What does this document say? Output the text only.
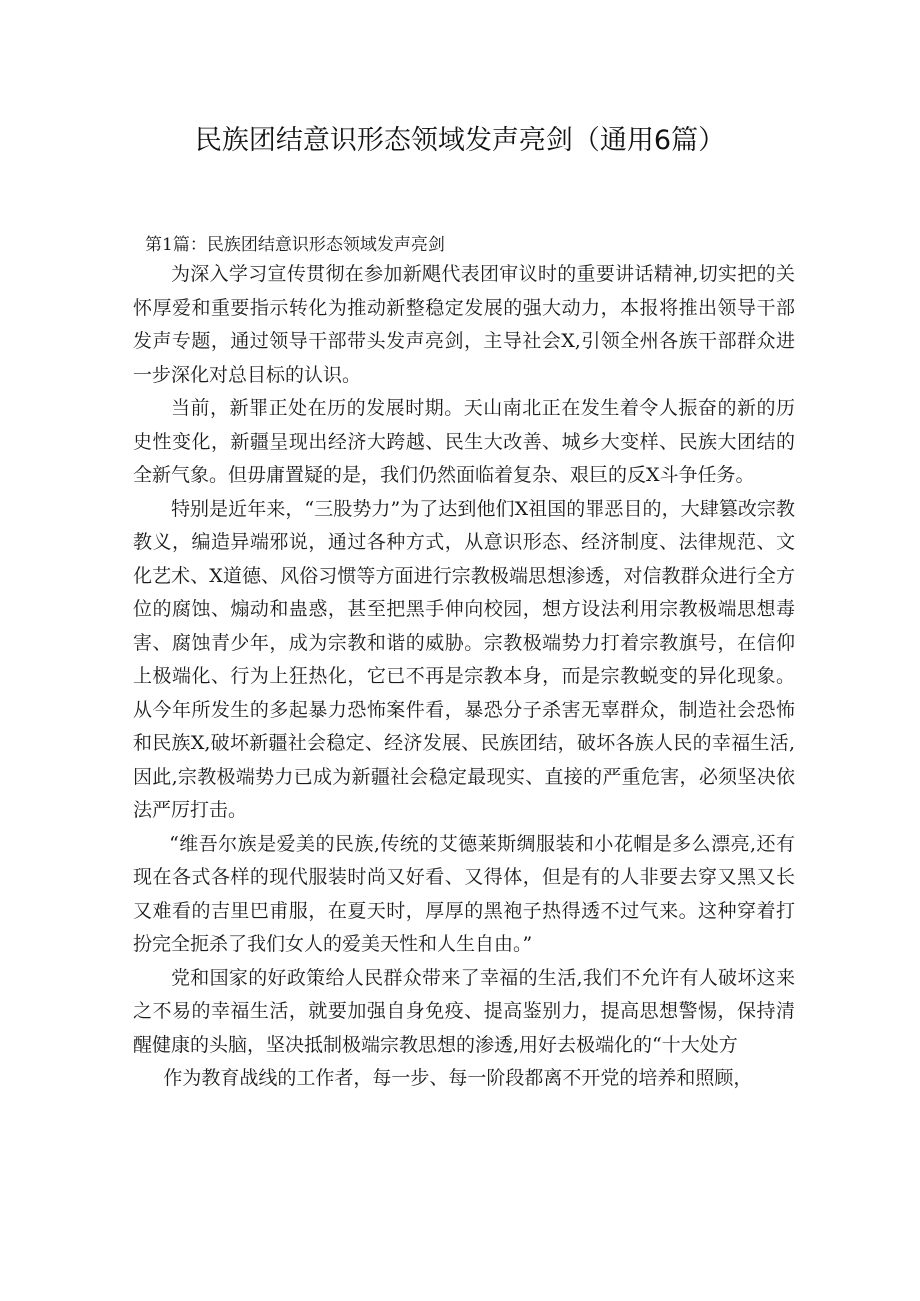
民族团结意识形态领域发声亮剑（通用6篇）
第1篇：民族团结意识形态领域发声亮剑

为深入学习宣传贯彻在参加新飓代表团审议时的重要讲话精神,切实把的关怀厚爱和重要指示转化为推动新整稳定发展的强大动力，本报将推出领导干部发声专题，通过领导干部带头发声亮剑，主导社会X,引领全州各族干部群众进一步深化对总目标的认识。

当前，新罪正处在历的发展时期。天山南北正在发生着令人振奋的新的历史性变化，新疆呈现出经济大跨越、民生大改善、城乡大变样、民族大团结的全新气象。但毋庸置疑的是，我们仍然面临着复杂、艰巨的反X斗争任务。

特别是近年来，“三股势力”为了达到他们X祖国的罪恶目的，大肆篡改宗教教义，编造异端邪说，通过各种方式，从意识形态、经济制度、法律规范、文化艺术、X道德、风俗习惯等方面进行宗教极端思想渗透，对信教群众进行全方位的腐蚀、煽动和蛊惑，甚至把黑手伸向校园，想方设法利用宗教极端思想毒害、腐蚀青少年，成为宗教和谐的威胁。宗教极端势力打着宗教旗号，在信仰上极端化、行为上狂热化，它已不再是宗教本身，而是宗教蜕变的异化现象。从今年所发生的多起暴力恐怖案件看，暴恐分子杀害无辜群众，制造社会恐怖和民族X,破坏新疆社会稳定、经济发展、民族团结，破坏各族人民的幸福生活,因此,宗教极端势力已成为新疆社会稳定最现实、直接的严重危害，必须坚决依法严厉打击。

“维吾尔族是爱美的民族,传统的艾德莱斯绸服装和小花帽是多么漂亮,还有现在各式各样的现代服装时尚又好看、又得体，但是有的人非要去穿又黑又长又难看的吉里巴甫服，在夏天时，厚厚的黑袍子热得透不过气来。这种穿着打扮完全扼杀了我们女人的爱美天性和人生自由。”

党和国家的好政策给人民群众带来了幸福的生活,我们不允许有人破坏这来之不易的幸福生活，就要加强自身免疫、提高鉴别力，提高思想警惕，保持清醒健康的头脑，坚决抵制极端宗教思想的渗透,用好去极端化的“十大处方

作为教育战线的工作者，每一步、每一阶段都离不开党的培养和照顾，
